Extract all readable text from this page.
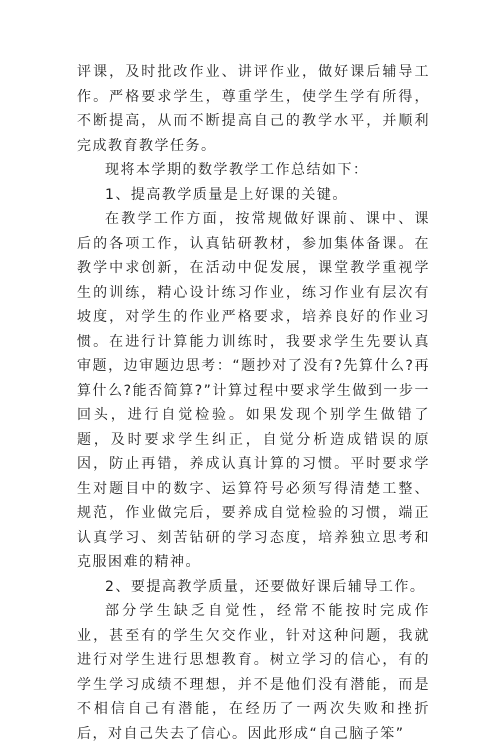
评课，及时批改作业、讲评作业，做好课后辅导工作。严格要求学生，尊重学生，使学生学有所得，不断提高，从而不断提高自己的教学水平，并顺利完成教育教学任务。

现将本学期的数学教学工作总结如下：

1、提高教学质量是上好课的关键。

在教学工作方面，按常规做好课前、课中、课后的各项工作，认真钻研教材，参加集体备课。在教学中求创新，在活动中促发展，课堂教学重视学生的训练，精心设计练习作业，练习作业有层次有坡度，对学生的作业严格要求，培养良好的作业习惯。在进行计算能力训练时，我要求学生先要认真审题，边审题边思考：“题抄对了没有?先算什么?再算什么?能否简算?”计算过程中要求学生做到一步一回头，进行自觉检验。如果发现个别学生做错了题，及时要求学生纠正，自觉分析造成错误的原因，防止再错，养成认真计算的习惯。平时要求学生对题目中的数字、运算符号必须写得清楚工整、规范，作业做完后，要养成自觉检验的习惯，端正认真学习、刻苦钻研的学习态度，培养独立思考和克服困难的精神。

2、要提高教学质量，还要做好课后辅导工作。

部分学生缺乏自觉性，经常不能按时完成作业，甚至有的学生欠交作业，针对这种问题，我就进行对学生进行思想教育。树立学习的信心，有的学生学习成绩不理想，并不是他们没有潜能，而是不相信自己有潜能，在经历了一两次失败和挫折后，对自己失去了信心。因此形成“自己脑子笨”
